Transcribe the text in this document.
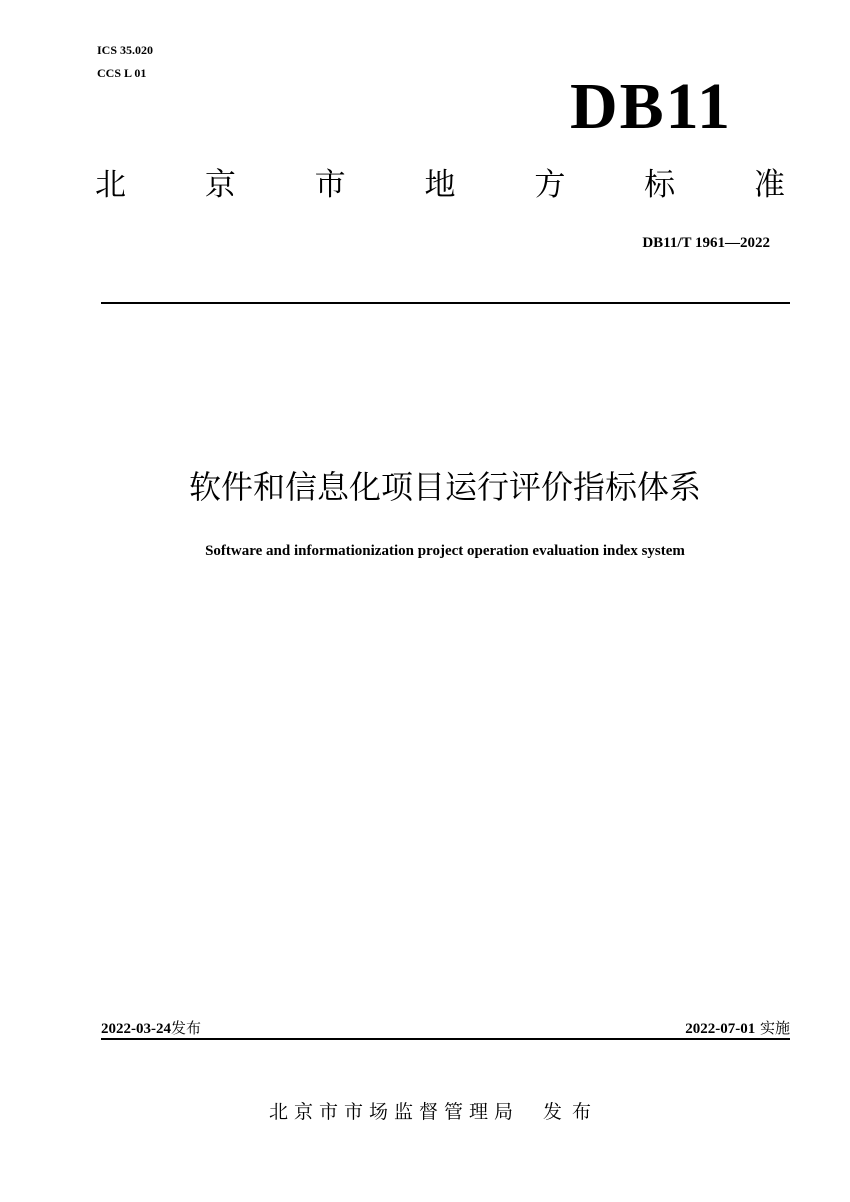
ICS 35.020
CCS L 01	DB11
北	京	市	地	方	标	准
DB11/T 1961—2022
软件和信息化项目运行评价指标体系
Software and informationization project operation evaluation index system
2022-03-24发布	2022-07-01 实施
北京市市场监督管理局 发布
